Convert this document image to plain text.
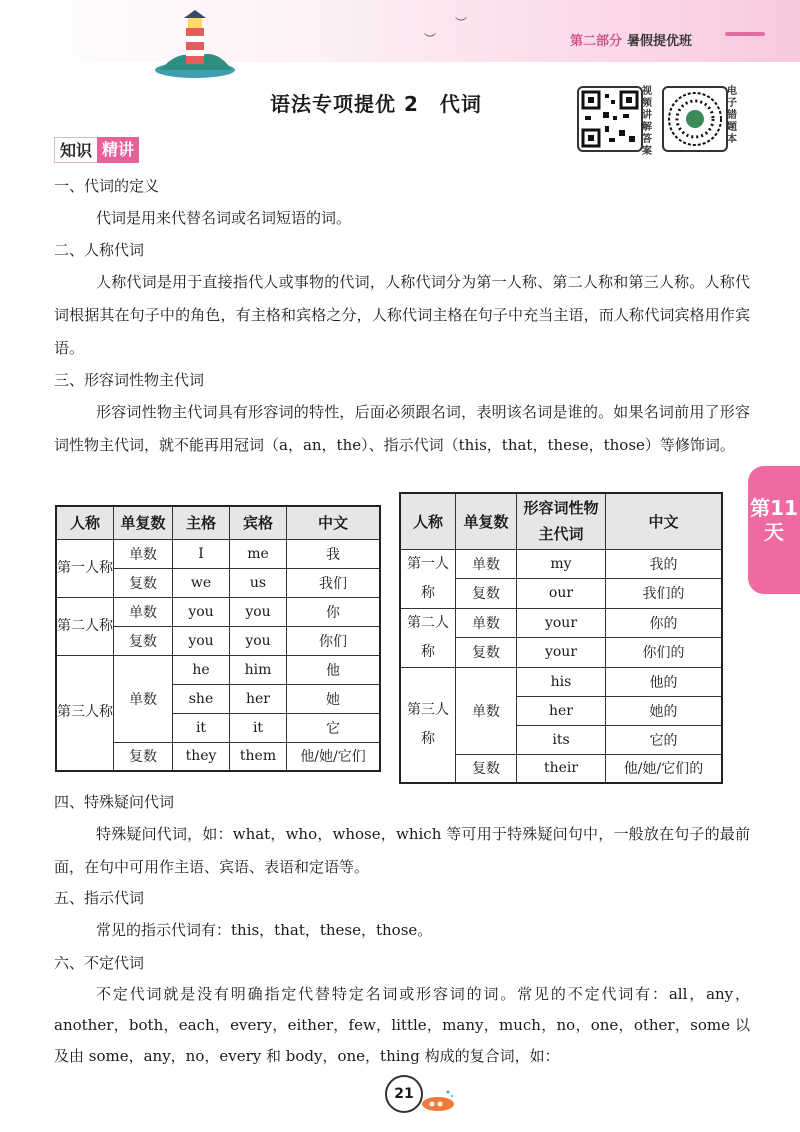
︶
︶	第二部分 暑假提优班
语法专项提优 2　代词
视频讲解答案
电子错题本
知识 精讲
一、代词的定义
代词是用来代替名词或名词短语的词。
二、人称代词
人称代词是用于直接指代人或事物的代词，人称代词分为第一人称、第二人称和第三人称。人称代词根据其在句子中的角色，有主格和宾格之分，人称代词主格在句子中充当主语，而人称代词宾格用作宾语。
三、形容词性物主代词
形容词性物主代词具有形容词的特性，后面必须跟名词，表明该名词是谁的。如果名词前用了形容词性物主代词，就不能再用冠词（a，an，the）、指示代词（this，that，these，those）等修饰词。
人称	单复数	主格	宾格	中文
第一人称	单数	I	me	我
	复数	we	us	我们
第二人称	单数	you	you	你
	复数	you	you	你们
第三人称	单数	he	him	他
		she	her	她
		it	it	它
	复数	they	them	他/她/它们
人称	单复数	形容词性物主代词	中文
第一人称	单数	my	我的
	复数	our	我们的
第二人称	单数	your	你的
	复数	your	你们的
第三人称	单数	his	他的
		her	她的
		its	它的
	复数	their	他/她/它们的
第11天
四、特殊疑问代词
特殊疑问代词，如：what，who，whose，which 等可用于特殊疑问句中，一般放在句子的最前面，在句中可用作主语、宾语、表语和定语等。
五、指示代词
常见的指示代词有：this，that，these，those。
六、不定代词
不定代词就是没有明确指定代替特定名词或形容词的词。常见的不定代词有：all，any，another，both，each，every，either，few，little，many，much，no，one，other，some 以及由 some，any，no，every 和 body，one，thing 构成的复合词，如：
21
